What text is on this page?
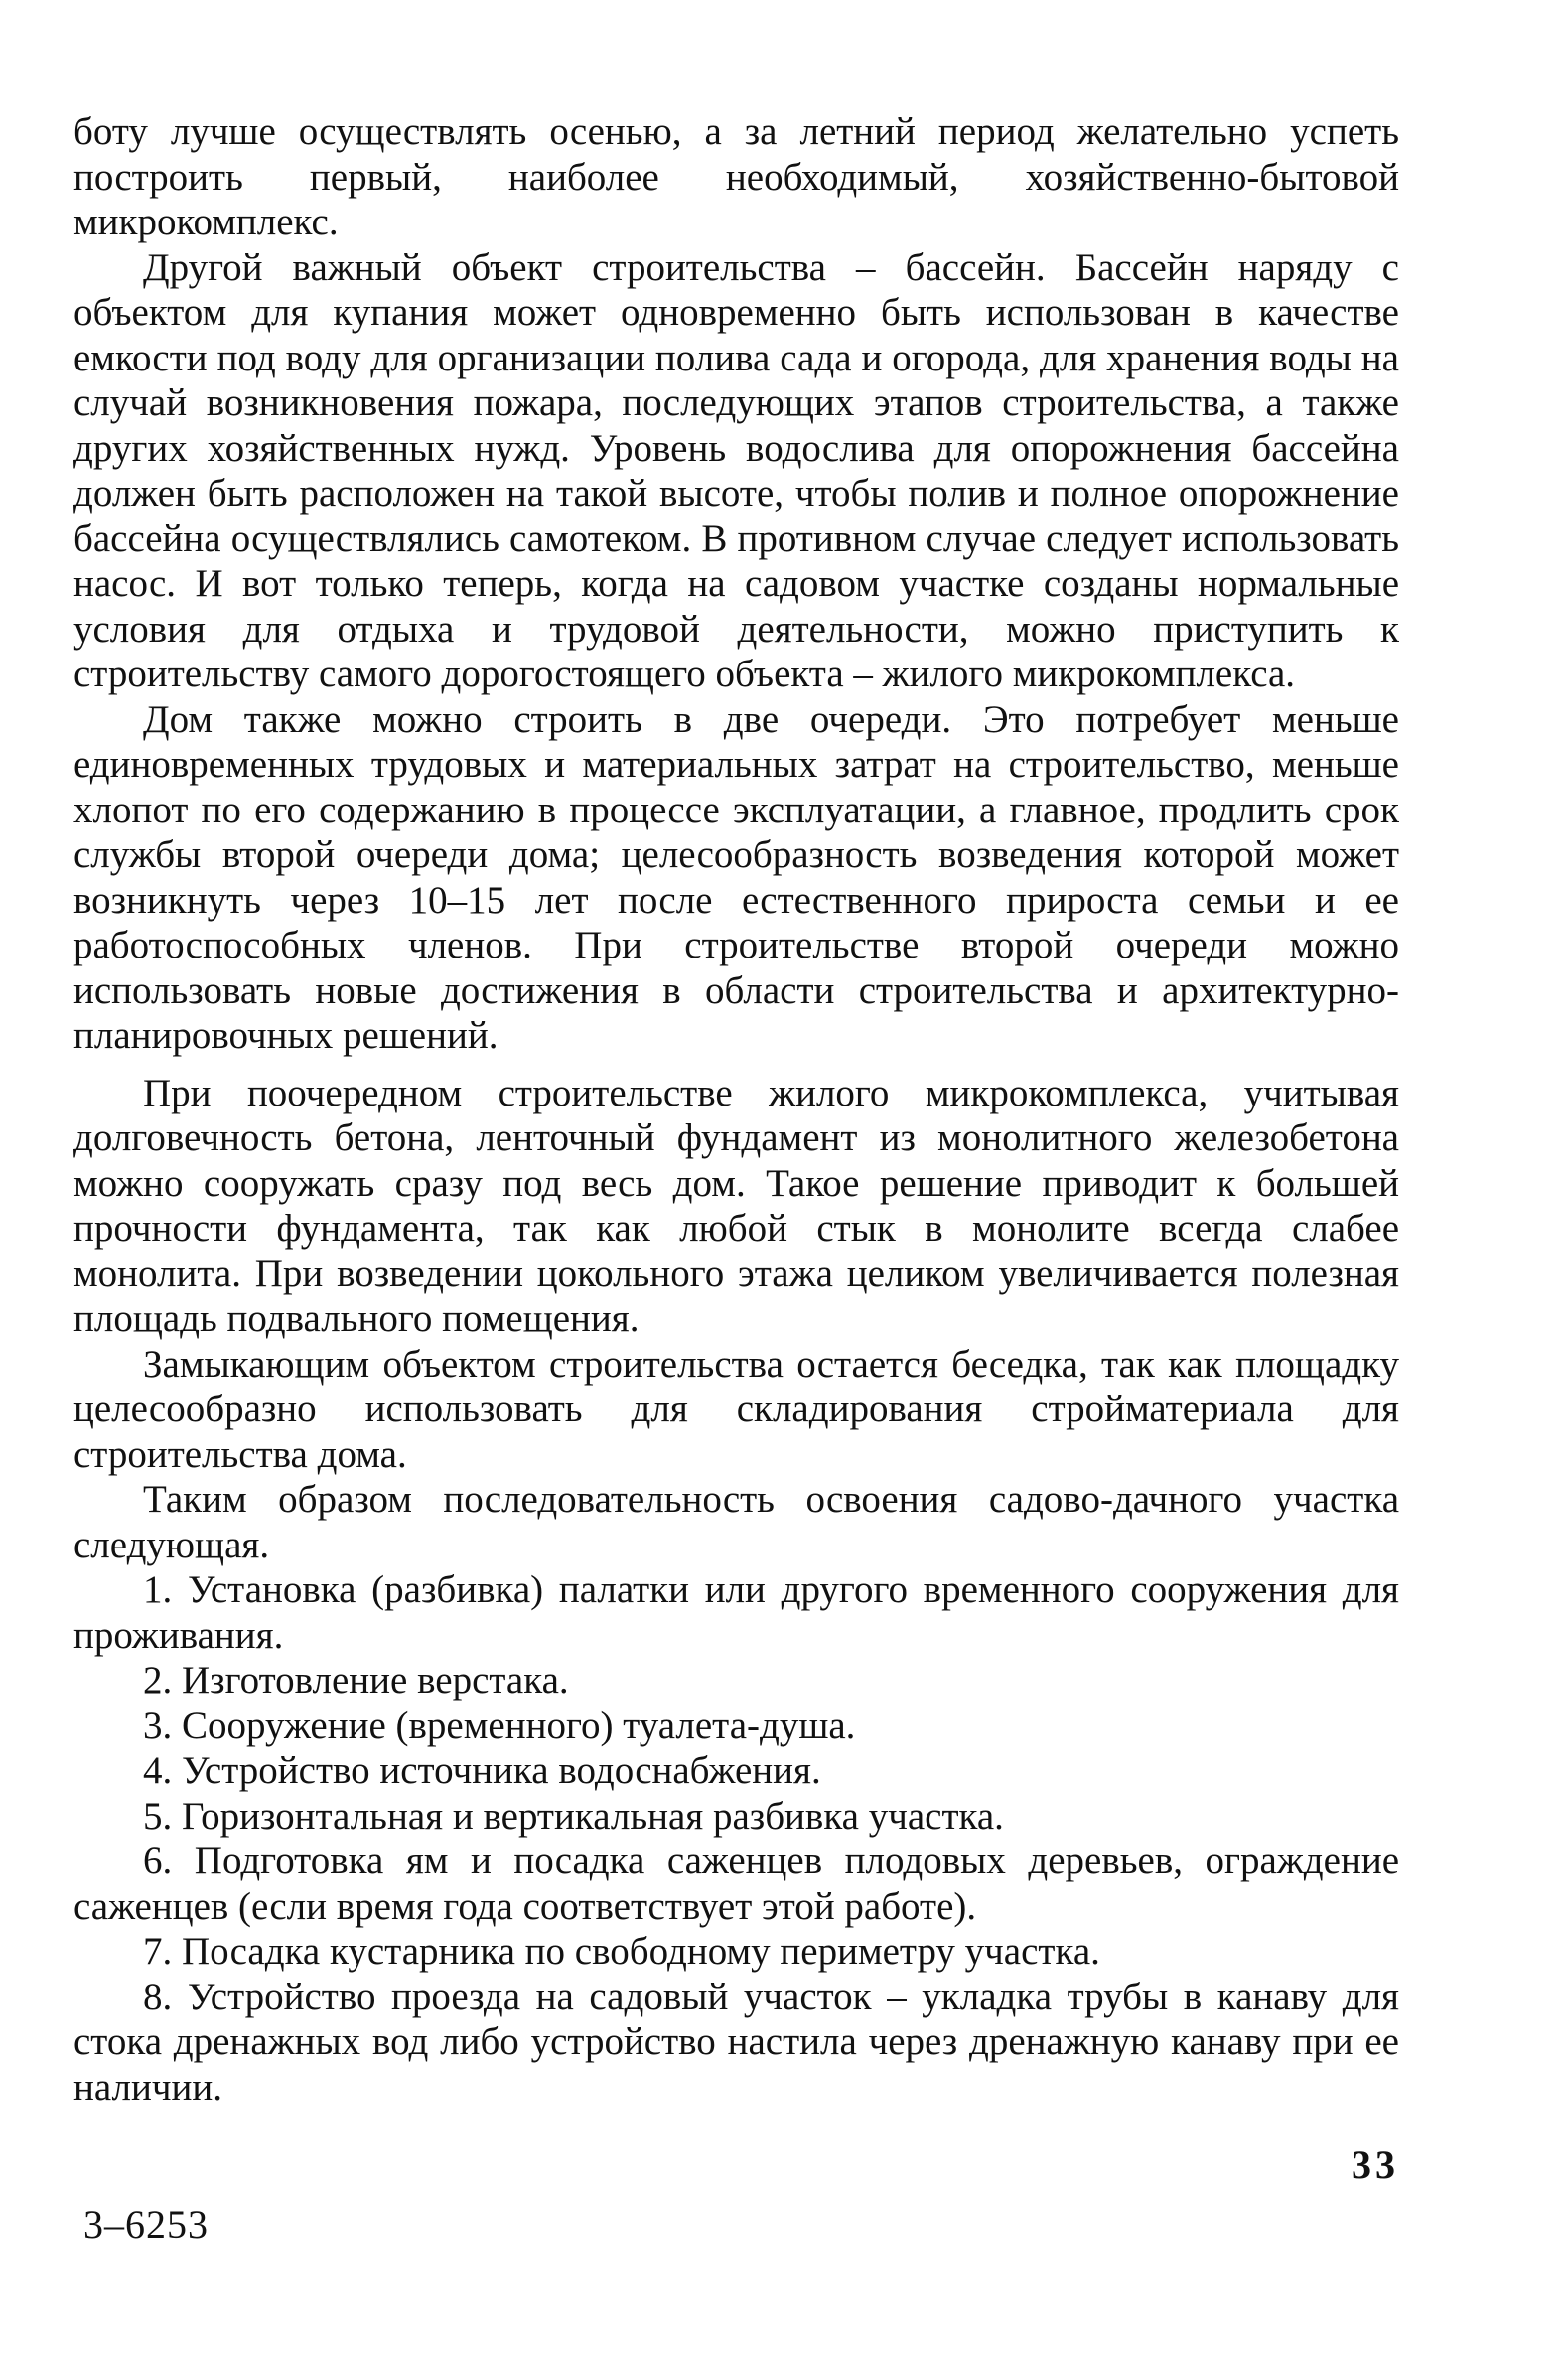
боту лучше осуществлять осенью, а за летний период желательно успеть построить первый, наиболее необходимый, хозяйственно-бытовой микрокомплекс.

Другой важный объект строительства – бассейн. Бассейн наряду с объектом для купания может одновременно быть использован в качестве емкости под воду для организации полива сада и огорода, для хранения воды на случай возникновения пожара, последующих этапов строительства, а также других хозяйственных нужд. Уровень водослива для опорожнения бассейна должен быть расположен на такой высоте, чтобы полив и полное опорожнение бассейна осуществлялись самотеком. В противном случае следует использовать насос. И вот только теперь, когда на садовом участке созданы нормальные условия для отдыха и трудовой деятельности, можно приступить к строительству самого дорогостоящего объекта – жилого микрокомплекса.

Дом также можно строить в две очереди. Это потребует меньше единовременных трудовых и материальных затрат на строительство, меньше хлопот по его содержанию в процессе эксплуатации, а главное, продлить срок службы второй очереди дома; целесообразность возведения которой может возникнуть через 10–15 лет после естественного прироста семьи и ее работоспособных членов. При строительстве второй очереди можно использовать новые достижения в области строительства и архитектурно-планировочных решений.

При поочередном строительстве жилого микрокомплекса, учитывая долговечность бетона, ленточный фундамент из монолитного железобетона можно сооружать сразу под весь дом. Такое решение приводит к большей прочности фундамента, так как любой стык в монолите всегда слабее монолита. При возведении цокольного этажа целиком увеличивается полезная площадь подвального помещения.

Замыкающим объектом строительства остается беседка, так как площадку целесообразно использовать для складирования стройматериала для строительства дома.

Таким образом последовательность освоения садово-дачного участка следующая.

1. Установка (разбивка) палатки или другого временного сооружения для проживания.
2. Изготовление верстака.
3. Сооружение (временного) туалета-душа.
4. Устройство источника водоснабжения.
5. Горизонтальная и вертикальная разбивка участка.
6. Подготовка ям и посадка саженцев плодовых деревьев, ограждение саженцев (если время года соответствует этой работе).
7. Посадка кустарника по свободному периметру участка.
8. Устройство проезда на садовый участок – укладка трубы в канаву для стока дренажных вод либо устройство настила через дренажную канаву при ее наличии.
33
3–6253
